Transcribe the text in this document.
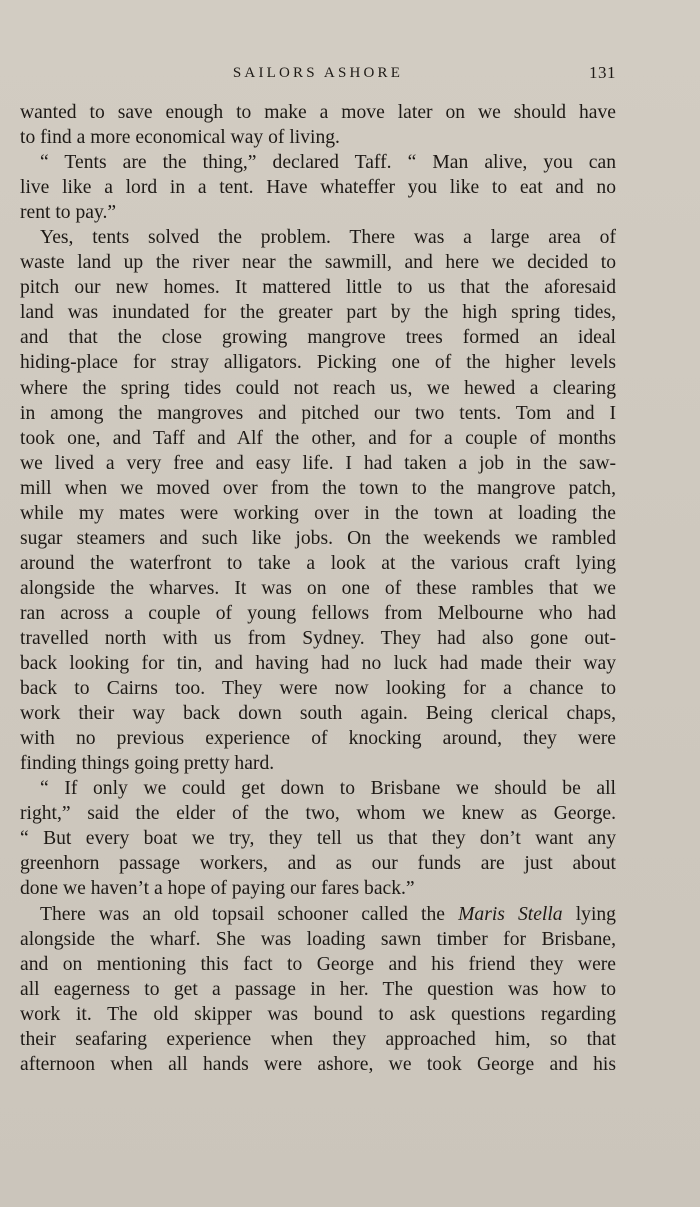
SAILORS ASHORE	131
wanted to save enough to make a move later on we should have
to find a more economical way of living.
“ Tents are the thing,” declared Taff. “ Man alive, you can
live like a lord in a tent. Have whateffer you like to eat and no
rent to pay.”
Yes, tents solved the problem. There was a large area of
waste land up the river near the sawmill, and here we decided to
pitch our new homes. It mattered little to us that the aforesaid
land was inundated for the greater part by the high spring tides,
and that the close growing mangrove trees formed an ideal
hiding-place for stray alligators. Picking one of the higher levels
where the spring tides could not reach us, we hewed a clearing
in among the mangroves and pitched our two tents. Tom and I
took one, and Taff and Alf the other, and for a couple of months
we lived a very free and easy life. I had taken a job in the saw-
mill when we moved over from the town to the mangrove patch,
while my mates were working over in the town at loading the
sugar steamers and such like jobs. On the weekends we rambled
around the waterfront to take a look at the various craft lying
alongside the wharves. It was on one of these rambles that we
ran across a couple of young fellows from Melbourne who had
travelled north with us from Sydney. They had also gone out-
back looking for tin, and having had no luck had made their way
back to Cairns too. They were now looking for a chance to
work their way back down south again. Being clerical chaps,
with no previous experience of knocking around, they were
finding things going pretty hard.
“ If only we could get down to Brisbane we should be all
right,” said the elder of the two, whom we knew as George.
“ But every boat we try, they tell us that they don’t want any
greenhorn passage workers, and as our funds are just about
done we haven’t a hope of paying our fares back.”
There was an old topsail schooner called the Maris Stella lying
alongside the wharf. She was loading sawn timber for Brisbane,
and on mentioning this fact to George and his friend they were
all eagerness to get a passage in her. The question was how to
work it. The old skipper was bound to ask questions regarding
their seafaring experience when they approached him, so that
afternoon when all hands were ashore, we took George and his
